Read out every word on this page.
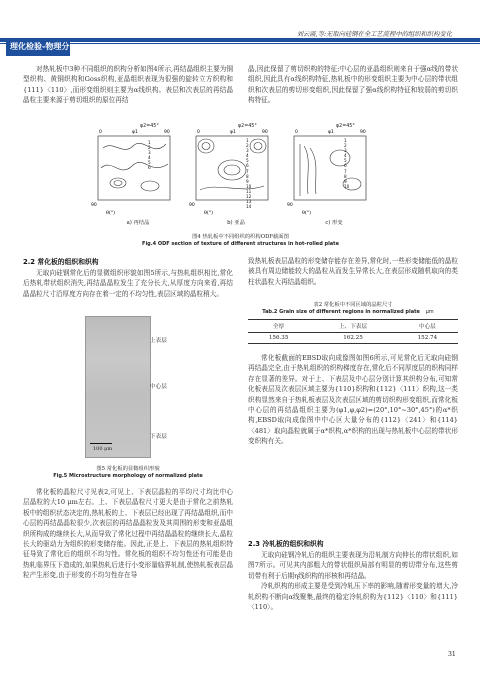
理化检验-物理分册
刘云霞,等:无取向硅钢在全工艺流程中的组织和织构变化

对热轧板中3种不同组织的织构分析如图4所示,再结晶组织主要为铜型织构、黄铜织构和Goss织构,亚晶组织表现为很强的旋转立方织构和{111}〈110〉,而形变组织则主要为α线织构。表层和次表层的再结晶晶粒主要来源于剪切组织的原位再结

晶,因此保留了剪切织构的特征;中心层的亚晶组织则来自于强α线的带状组织,因此具有α线织构特征,热轧板中的形变组织主要为中心层的带状组织和次表层的剪切形变组织,因此保留了强α线织构特征和较弱的剪切织构特征。

0	φ1	90
90
θ(°)
0	φ1	90
90
θ(°)
0	φ1	90
90
θ(°)
φ2=45°	φ2=45°	φ2=45°
1
2
3
4
5
6
1
2
3
4
5
6
7
8
9
10
11
12
13
14
1
2
3
4
5
6
7
8
9
10
a) 再结晶	b) 亚晶	c) 形变
图4 热轧板中不同组织的织构ODF截面图
Fig.4 ODF section of texture of different structures in hot-rolled plate
2.2 常化板的组织和织构

无取向硅钢常化后的显微组织形貌如图5所示,与热轧组织相比,常化后热轧带状组织消失,再结晶晶粒发生了充分长大,从厚度方向来看,再结晶晶粒尺寸沿厚度方向存在着一定的不均匀性,表层区域的晶粒稍大。

致热轧板表层晶粒的形变储存能存在差异,常化时,一些形变储能低的晶粒被具有周边储能较大的晶粒从而发生异常长大,在表层形成随机取向的类柱状晶粒大再结晶组织。

100 μm
上表层
中心层
下表层
图5 常化板的显微组织形貌
Fig.5 Microstructure morphology of normalized plate
表2 常化板中不同区域的晶粒尺寸
Tab.2 Grain size of different regions in normalized plate μm
全厚	上、下表层	中心层
156.35	162.25	152.74

常化板的晶粒尺寸见表2,可见上、下表层晶粒的平均尺寸均比中心层晶粒的大10 μm左右。上、下表层晶粒尺寸更大是由于常化之前热轧板中的组织状态决定的,热轧板的上、下表层已经出现了再结晶组织,而中心层的再结晶晶粒很少,次表层的再结晶晶粒发及其周围的形变和亚晶组织所构成的继续长大,从而导致了常化过程中再结晶晶粒的继续长大,晶粒长大的驱动力为组织的形变储存能。因此,正是上、下表层的热轧组织特征导致了常化后的组织不均匀性。常化板的组织不均匀性还有可能是由热轧临界压下造成的,如果热轧后进行小变形量临界轧制,使热轧板表层晶粒产生形变,由于形变的不均匀性存在导

常化板截面的EBSD取向成像图如图6所示,可见常化后无取向硅钢再结晶完全,由于热轧组织的织构梯度存在,常化后不同厚度层的织构同样存在显著的差异。对于上、下表层及中心层分别计算其织构分布,可知常化板表层及次表层区域主要为{110}织构和{112}〈111〉织构,这一类织构显然来自于热轧板表层及次表层区域的剪切织构形变组织,而常化板中心层的再结晶组织主要为(φ1,φ,φ2)=(20°,10°~30°,45°)的α*织构,EBSD取向成像图中中心区大量分布的{112}〈241〉和{114}〈481〉取向晶粒就属于α*织构,α*织构的出现与热轧板中心层的带状形变织构有关。

2.3 冷轧板的组织和织构

无取向硅钢冷轧后的组织主要表现为沿轧制方向伸长的带状组织,如图7所示。可见其内部粗大的带状组织局部有明显的剪切带分布,这些剪切带有利于后期η线织构的形核和再结晶。

冷轧织构的形成主要是受到冷轧压下率的影响,随着形变量的增大,冷轧织构不断向α线聚集,最终的稳定冷轧织构为{112}〈110〉和{111}〈110〉。

31
